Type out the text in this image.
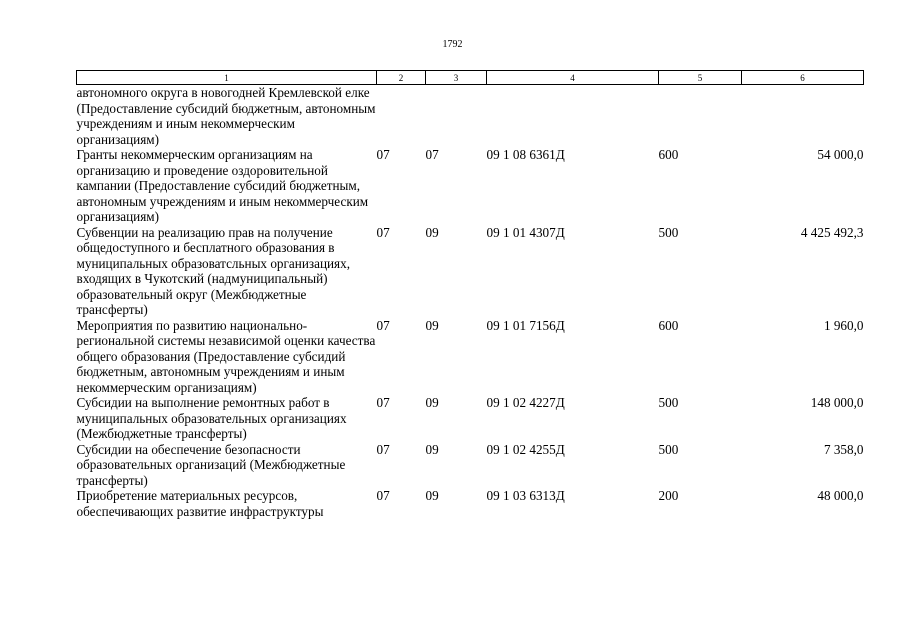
1792
1	2	3	4	5	6
автономного округа в новогодней Кремлевской елке (Предоставление субсидий бюджетным, автономным учреждениям и иным некоммерческим организациям)					
Гранты некоммерческим организациям на организацию и проведение оздоровительной кампании (Предоставление субсидий бюджетным, автономным учреждениям и иным некоммерческим организациям)	07	07	09 1 08 6361Д	600	54 000,0
Субвенции на реализацию прав на получение общедоступного и бесплатного образования в муниципальных образоватсльных организациях, входящих в Чукотский (надмуниципальный) образовательный округ (Межбюджетные трансферты)	07	09	09 1 01 4307Д	500	4 425 492,3
Мероприятия по развитию национально-региональной системы независимой оценки качества общего образования (Предоставление субсидий бюджетным, автономным учреждениям и иным некоммерческим организациям)	07	09	09 1 01 7156Д	600	1 960,0
Субсидии на выполнение ремонтных работ в муниципальных образовательных организациях (Межбюджетные трансферты)	07	09	09 1 02 4227Д	500	148 000,0
Субсидии на обеспечение безопасности образовательных организаций (Межбюджетные трансферты)	07	09	09 1 02 4255Д	500	7 358,0
Приобретение материальных ресурсов, обеспечивающих развитие инфраструктуры	07	09	09 1 03 6313Д	200	48 000,0
